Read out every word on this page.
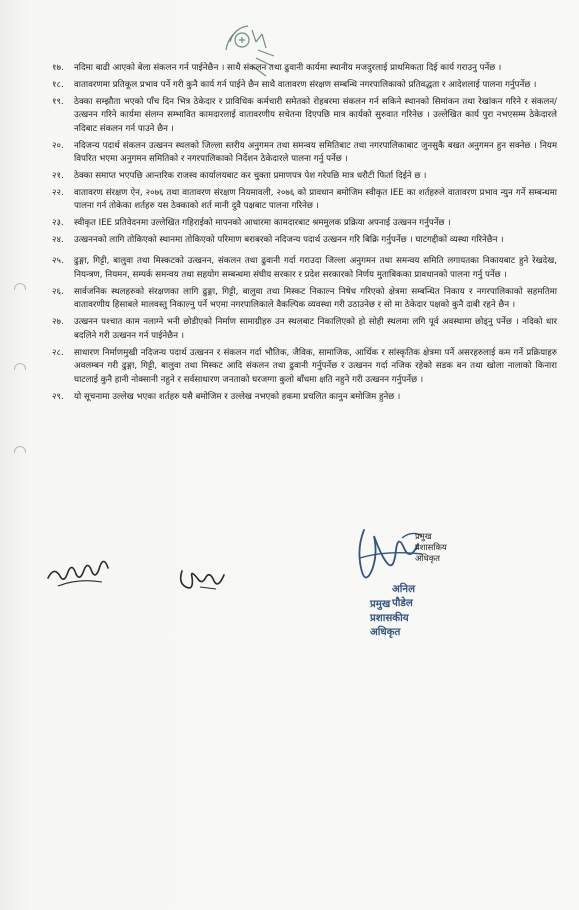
१७.	नदिमा बाढी आएको बेला संकलन गर्न पाईनेछैन । साथै संकलन तथा ढुवानी कार्यमा स्थानीय मजदुरलाई प्राथमिकता दिई कार्य गराउनु पर्नेछ ।
१८.	वातावरणमा प्रतिकूल प्रभाव पर्ने गरी कुनै कार्य गर्न पाईने छैन साथै वातावरण संरक्षण सम्बन्धि नगरपालिकाको प्रतिवद्धता र आदेशलाई पालना गर्नुपर्नेछ ।
१९.	ठेक्का सम्झौता भएको पाँच दिन भित्र ठेकेदार र प्राविधिक कर्मचारी समेतको रोहबरमा संकलन गर्न सकिने स्थानको सिमांकन तथा रेखांकन गरिने र संकलन/उत्खनन गरिने कार्यमा संलग्न सम्भावित कामदारलाई वातावरणीय सचेतना दिएपछि मात्र कार्यको सुरुवात गरिनेछ । उल्लेखित कार्य पुरा नभएसम्म ठेकेदारले नदिबाट संकलन गर्न पाउने छैन ।
२०.	नदिजन्य पदार्थ संकलन उत्खनन स्थलको जिल्ला स्तरीय अनुगमन तथा समन्वय समितिबाट तथा नगरपालिकाबाट जुनसुकै बखत अनुगमन हुन सक्नेछ । नियम विपरित भएमा अनुगमन समितिको र नगरपालिकाको निर्देशन ठेकेदारले पालना गर्नु पर्नेछ ।
२१.	ठेक्का समाप्त भएपछि आन्तरिक राजस्व कार्यालयबाट कर चुक्ता प्रमाणपत्र पेश गरेपछि मात्र धरौटी फिर्ता दिईने छ ।
२२.	वातावरण संरक्षण ऐन, २०७६ तथा वातावरण संरक्षण नियमावली, २०७६ को प्रावधान बमोजिम स्वीकृत IEE का शर्तहरुले वातावरण प्रभाव न्युन गर्ने सम्बन्धमा पालना गर्न तोकेका शर्तहरु यस ठेक्काको शर्त मानी दुवै पक्षबाट पालना गरिनेछ ।
२३.	स्वीकृत IEE प्रतिवेदनमा उल्लेखित गहिराईको मापनको आधारमा कामदारबाट श्रममुलक प्रक्रिया अपनाई उत्खनन गर्नुपर्नेछ ।
२४.	उत्खननको लागि तोकिएको स्थानमा तोकिएको परिमाण बराबरको नदिजन्य पदार्थ उत्खनन गरि बिक्रि गर्नुपर्नेछ । घाटगद्दीको व्यस्था गरिनेछैन ।
२५.	ढुङ्गा, गिट्टी, बालुवा तथा मिस्कटको उत्खनन, संकलन तथा ढुवानी गर्दा गराउदा जिल्ला अनुगमन तथा समन्वय समिति लगायतका निकायबाट हुने रेखदेख, नियन्त्रण, नियमन, सम्पर्क समन्वय तथा सहयोग सम्बन्धमा संघीय सरकार र प्रदेश सरकारको निर्णय मुताबिकका प्रावधानको पालना गर्नु पर्नेछ ।
२६.	सार्वजनिक स्थलहरुको संरक्षणका लागि ढुङ्गा, गिट्टी, बालुवा तथा मिस्कट निकाल्न निषेध गरिएको क्षेत्रमा सम्बन्धित निकाय र नगरपालिकाको सहमतिमा वातावरणीय हिसाबले मालवस्तु निकाल्नु पर्ने भएमा नगरपालिकाले वैकल्पिक व्यवस्था गरी उठाउनेछ र सो मा ठेकेदार पक्षको कुनै दाबी रहने छैन ।
२७.	उत्खनन पश्चात काम नलाग्ने भनी छोडीएको निर्माण सामाग्रीहरु उन स्थलबाट निकालिएको हो सोही स्थलमा लगि पूर्व अवस्थामा छोड्नु पर्नेछ । नदिको धार बदलिने गरी उत्खनन गर्न पाईनेछैन ।
२८.	साधारण निर्माणमुखी नदिजन्य पदार्थ उत्खनन र संकलन गर्दा भौतिक, जैविक, सामाजिक, आर्थिक र सांस्कृतिक क्षेत्रमा पर्ने असरहरुलाई कम गर्ने प्रक्रियाहरु अवलम्बन गरी ढुङ्गा, गिट्टी, बालुवा तथा मिस्कट आदि संकलन तथा ढुवानी गर्नुपर्नेछ र उत्खनन गर्दा नजिक रहेको सडक बन तथा खोला नालाको किनारा घाटलाई कुनै हानी नोक्सानी नहुने र सर्वसाधारण जनताको घरजग्गा कुलो बाँधमा क्षति नहुने गरी उत्खनन गर्नुपर्नेछ ।
२९.	यो सूचनामा उल्लेख भएका शर्तहरु यसै बमोजिम र उल्लेख नभएको हकमा प्रचलित कानुन बमोजिम हुनेछ ।
प्रमुख प्रशासकिय अधिकृत
अनिल पौडेल
प्रमुख प्रशासकीय अधिकृत
